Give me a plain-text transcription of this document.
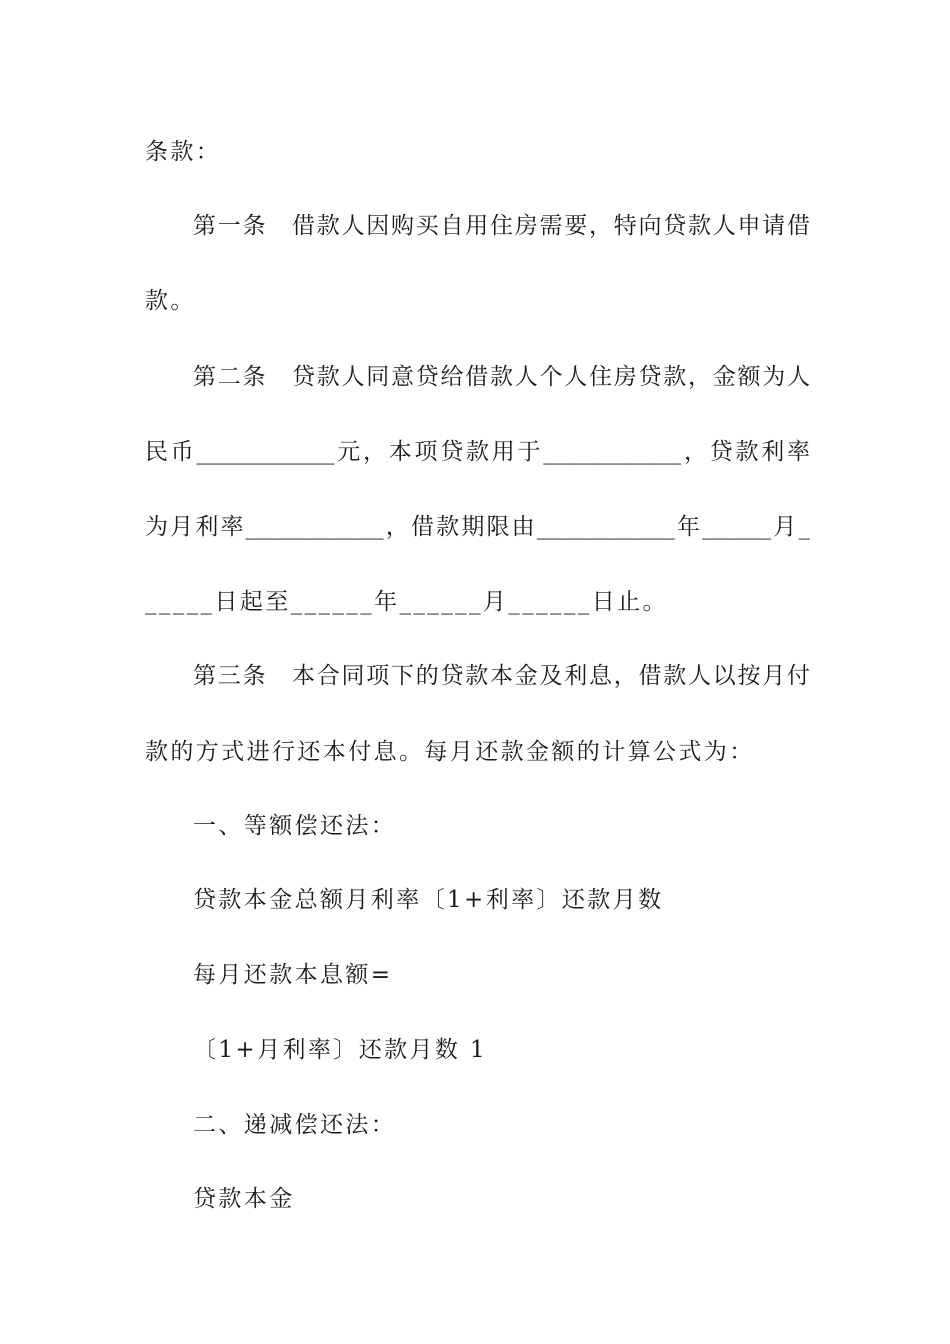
条款：
第一条　借款人因购买自用住房需要，特向贷款人申请借
款。
第二条　贷款人同意贷给借款人个人住房贷款，金额为人
民币____________元，本项贷款用于____________，贷款利率
为月利率____________，借款期限由____________年______月_
_____日起至______年______月______日止。
第三条　本合同项下的贷款本金及利息，借款人以按月付
款的方式进行还本付息。每月还款金额的计算公式为：
一、等额偿还法：
贷款本金总额月利率〔1+利率〕还款月数
每月还款本息额=
〔1+月利率〕还款月数 1
二、递减偿还法：
贷款本金
